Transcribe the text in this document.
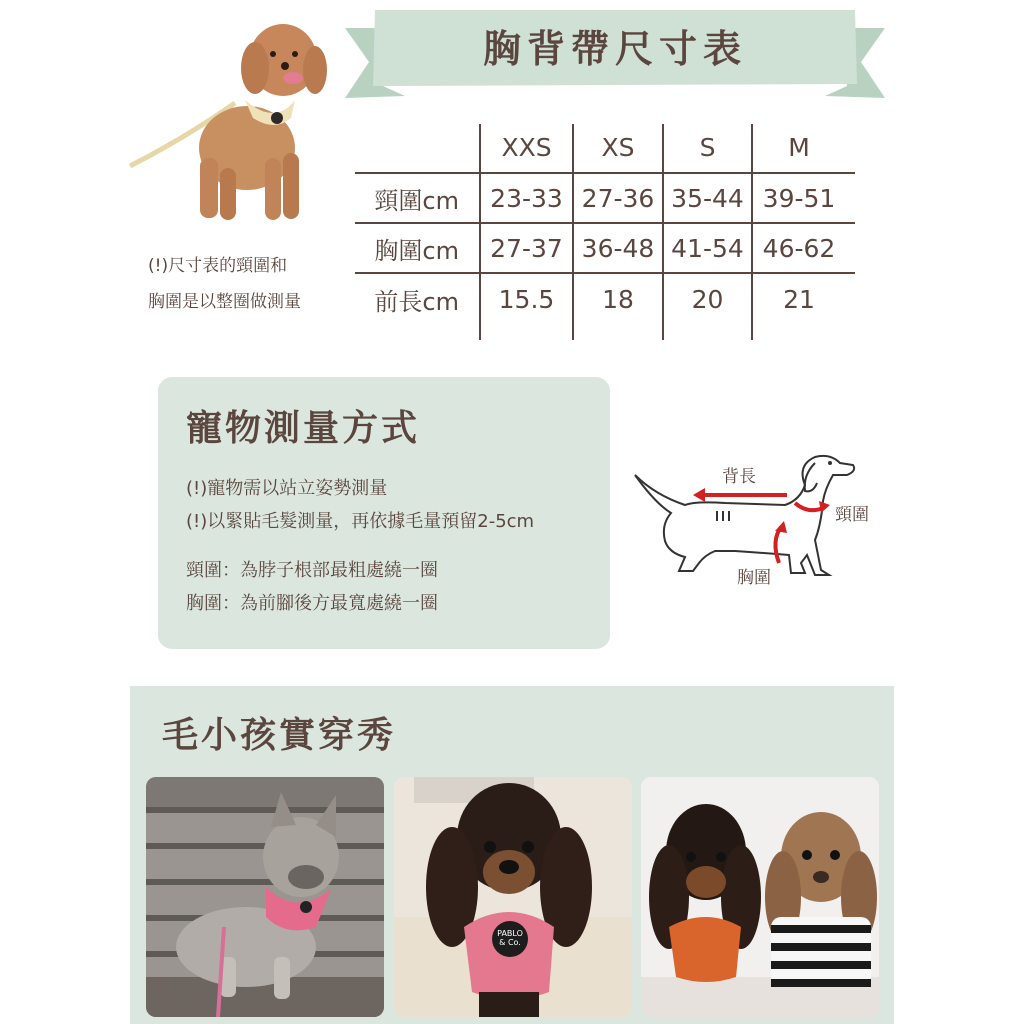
胸背帶尺寸表
(!)尺寸表的頸圍和
胸圍是以整圈做測量
XXS	XS	S	M
頸圍cm	23-33 27-36 35-44 39-51
胸圍cm	27-37 36-48 41-54 46-62
前長cm	15.5	18	20	21
寵物測量方式
(!)寵物需以站立姿勢測量
(!)以緊貼毛髮測量，再依據毛量預留2-5cm
頸圍：為脖子根部最粗處繞一圈
胸圍：為前腳後方最寬處繞一圈
背長
頸圍
胸圍
毛小孩實穿秀
PABLO
& Co.
